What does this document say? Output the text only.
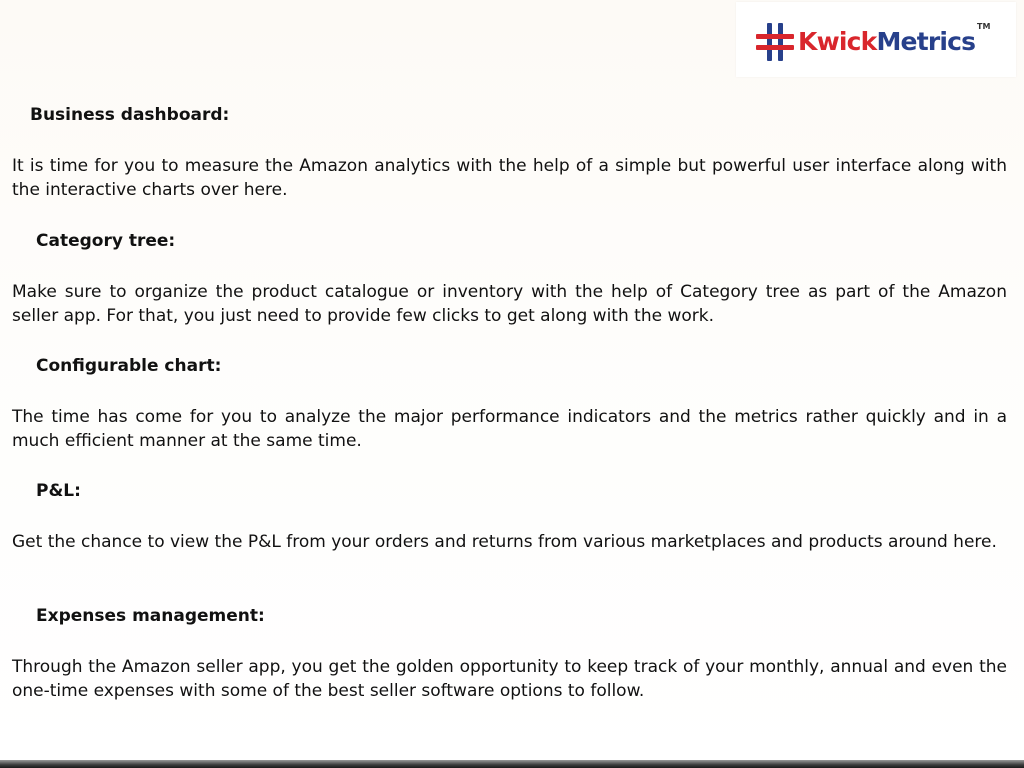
KwickMetrics
TM
Business dashboard:
It is time for you to measure the Amazon analytics with the help of a simple but powerful user interface along with the interactive charts over here.
Category tree:
Make sure to organize the product catalogue or inventory with the help of Category tree as part of the Amazon seller app. For that, you just need to provide few clicks to get along with the work.
Configurable chart:
The time has come for you to analyze the major performance indicators and the metrics rather quickly and in a much efficient manner at the same time.
P&L:
Get the chance to view the P&L from your orders and returns from various marketplaces and products around here.
Expenses management:
Through the Amazon seller app, you get the golden opportunity to keep track of your monthly, annual and even the one-time expenses with some of the best seller software options to follow.
